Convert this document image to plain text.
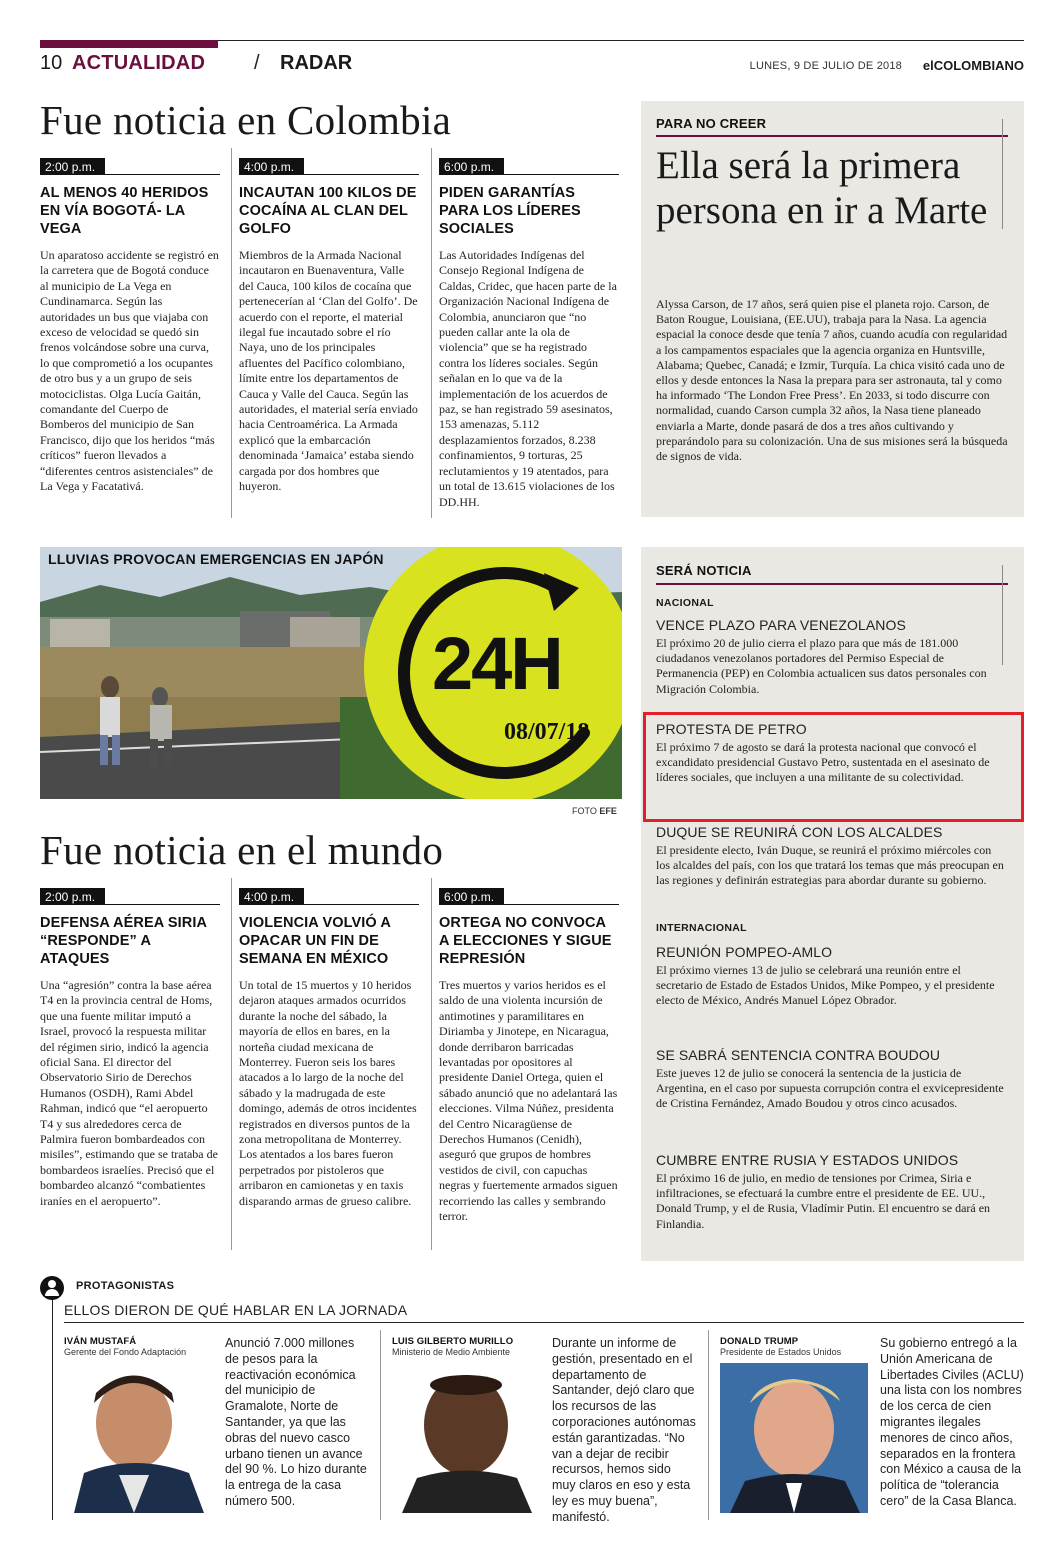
10 ACTUALIDAD / RADAR	LUNES, 9 DE JULIO DE 2018 elCOLOMBIANO
Fue noticia en Colombia
2:00 p.m.
AL MENOS 40 HERIDOS EN VÍA BOGOTÁ- LA VEGA

Un aparatoso accidente se registró en la carretera que de Bogotá conduce al municipio de La Vega en Cundinamarca. Según las autoridades un bus que viajaba con exceso de velocidad se quedó sin frenos volcándose sobre una curva, lo que comprometió a los ocupantes de otro bus y a un grupo de seis motociclistas. Olga Lucía Gaitán, comandante del Cuerpo de Bomberos del municipio de San Francisco, dijo que los heridos “más críticos” fueron llevados a “diferentes centros asistenciales” de La Vega y Facatativá.

4:00 p.m.
INCAUTAN 100 KILOS DE COCAÍNA AL CLAN DEL GOLFO

Miembros de la Armada Nacional incautaron en Buenaventura, Valle del Cauca, 100 kilos de cocaína que pertenecerían al ‘Clan del Golfo’. De acuerdo con el reporte, el material ilegal fue incautado sobre el río Naya, uno de los principales afluentes del Pacífico colombiano, límite entre los departamentos de Cauca y Valle del Cauca. Según las autoridades, el material sería enviado hacia Centroamérica. La Armada explicó que la embarcación denominada ‘Jamaica’ estaba siendo cargada por dos hombres que huyeron.

6:00 p.m.
PIDEN GARANTÍAS PARA LOS LÍDERES SOCIALES

Las Autoridades Indígenas del Consejo Regional Indígena de Caldas, Cridec, que hacen parte de la Organización Nacional Indígena de Colombia, anunciaron que “no pueden callar ante la ola de violencia” que se ha registrado contra los líderes sociales. Según señalan en lo que va de la implementación de los acuerdos de paz, se han registrado 59 asesinatos, 153 amenazas, 5.112 desplazamientos forzados, 8.238 confinamientos, 9 torturas, 25 reclutamientos y 19 atentados, para un total de 13.615 violaciones de los DD.HH.

PARA NO CREER
Ella será la primera persona en ir a Marte
Alyssa Carson, de 17 años, será quien pise el planeta rojo. Carson, de Baton Rougue, Louisiana, (EE.UU), trabaja para la Nasa. La agencia espacial la conoce desde que tenía 7 años, cuando acudía con regularidad a los campamentos espaciales que la agencia organiza en Huntsville, Alabama; Quebec, Canadá; e Izmir, Turquía. La chica visitó cada uno de ellos y desde entonces la Nasa la prepara para ser astronauta, tal y como ha informado ‘The London Free Press’. En 2033, si todo discurre con normalidad, cuando Carson cumpla 32 años, la Nasa tiene planeado enviarla a Marte, donde pasará de dos a tres años cultivando y preparándolo para su colonización. Una de sus misiones será la búsqueda de signos de vida.
24H
08/07/18
LLUVIAS PROVOCAN EMERGENCIAS EN JAPÓN
FOTO EFE
SERÁ NOTICIA
NACIONAL
VENCE PLAZO PARA VENEZOLANOS
El próximo 20 de julio cierra el plazo para que más de 181.000 ciudadanos venezolanos portadores del Permiso Especial de Permanencia (PEP) en Colombia actualicen sus datos personales con Migración Colombia.
PROTESTA DE PETRO
El próximo 7 de agosto se dará la protesta nacional que convocó el excandidato presidencial Gustavo Petro, sustentada en el asesinato de líderes sociales, que incluyen a una militante de su colectividad.
DUQUE SE REUNIRÁ CON LOS ALCALDES
El presidente electo, Iván Duque, se reunirá el próximo miércoles con los alcaldes del país, con los que tratará los temas que más preocupan en las regiones y definirán estrategias para abordar durante su gobierno.
INTERNACIONAL
REUNIÓN POMPEO-AMLO
El próximo viernes 13 de julio se celebrará una reunión entre el secretario de Estado de Estados Unidos, Mike Pompeo, y el presidente electo de México, Andrés Manuel López Obrador.
SE SABRÁ SENTENCIA CONTRA BOUDOU
Este jueves 12 de julio se conocerá la sentencia de la justicia de Argentina, en el caso por supuesta corrupción contra el exvicepresidente de Cristina Fernández, Amado Boudou y otros cinco acusados.
CUMBRE ENTRE RUSIA Y ESTADOS UNIDOS
El próximo 16 de julio, en medio de tensiones por Crimea, Siria e infiltraciones, se efectuará la cumbre entre el presidente de EE. UU., Donald Trump, y el de Rusia, Vladímir Putin. El encuentro se dará en Finlandia.
Fue noticia en el mundo
2:00 p.m.
DEFENSA AÉREA SIRIA “RESPONDE” A ATAQUES

Una “agresión” contra la base aérea T4 en la provincia central de Homs, que una fuente militar imputó a Israel, provocó la respuesta militar del régimen sirio, indicó la agencia oficial Sana. El director del Observatorio Sirio de Derechos Humanos (OSDH), Rami Abdel Rahman, indicó que “el aeropuerto T4 y sus alrededores cerca de Palmira fueron bombardeados con misiles”, estimando que se trataba de bombardeos israelíes. Precisó que el bombardeo alcanzó “combatientes iraníes en el aeropuerto”.

4:00 p.m.
VIOLENCIA VOLVIÓ A OPACAR UN FIN DE SEMANA EN MÉXICO

Un total de 15 muertos y 10 heridos dejaron ataques armados ocurridos durante la noche del sábado, la mayoría de ellos en bares, en la norteña ciudad mexicana de Monterrey. Fueron seis los bares atacados a lo largo de la noche del sábado y la madrugada de este domingo, además de otros incidentes registrados en diversos puntos de la zona metropolitana de Monterrey. Los atentados a los bares fueron perpetrados por pistoleros que arribaron en camionetas y en taxis disparando armas de grueso calibre.

6:00 p.m.
ORTEGA NO CONVOCA A ELECCIONES Y SIGUE REPRESIÓN

Tres muertos y varios heridos es el saldo de una violenta incursión de antimotines y paramilitares en Diriamba y Jinotepe, en Nicaragua, donde derribaron barricadas levantadas por opositores al presidente Daniel Ortega, quien el sábado anunció que no adelantará las elecciones. Vilma Núñez, presidenta del Centro Nicaragüense de Derechos Humanos (Cenidh), aseguró que grupos de hombres vestidos de civil, con capuchas negras y fuertemente armados siguen recorriendo las calles y sembrando terror.

PROTAGONISTAS
ELLOS DIERON DE QUÉ HABLAR EN LA JORNADA
IVÁN MUSTAFÁ
Gerente del Fondo Adaptación
Anunció 7.000 millones de pesos para la reactivación económica del municipio de Gramalote, Norte de Santander, ya que las obras del nuevo casco urbano tienen un avance del 90 %. Lo hizo durante la entrega de la casa número 500.
LUIS GILBERTO MURILLO
Ministerio de Medio Ambiente
Durante un informe de gestión, presentado en el departamento de Santander, dejó claro que los recursos de las corporaciones autónomas están garantizadas. “No van a dejar de recibir recursos, hemos sido muy claros en eso y esta ley es muy buena”, manifestó.
DONALD TRUMP
Presidente de Estados Unidos
Su gobierno entregó a la Unión Americana de Libertades Civiles (ACLU) una lista con los nombres de los cerca de cien migrantes ilegales menores de cinco años, separados en la frontera con México a causa de la política de “tolerancia cero” de la Casa Blanca.
